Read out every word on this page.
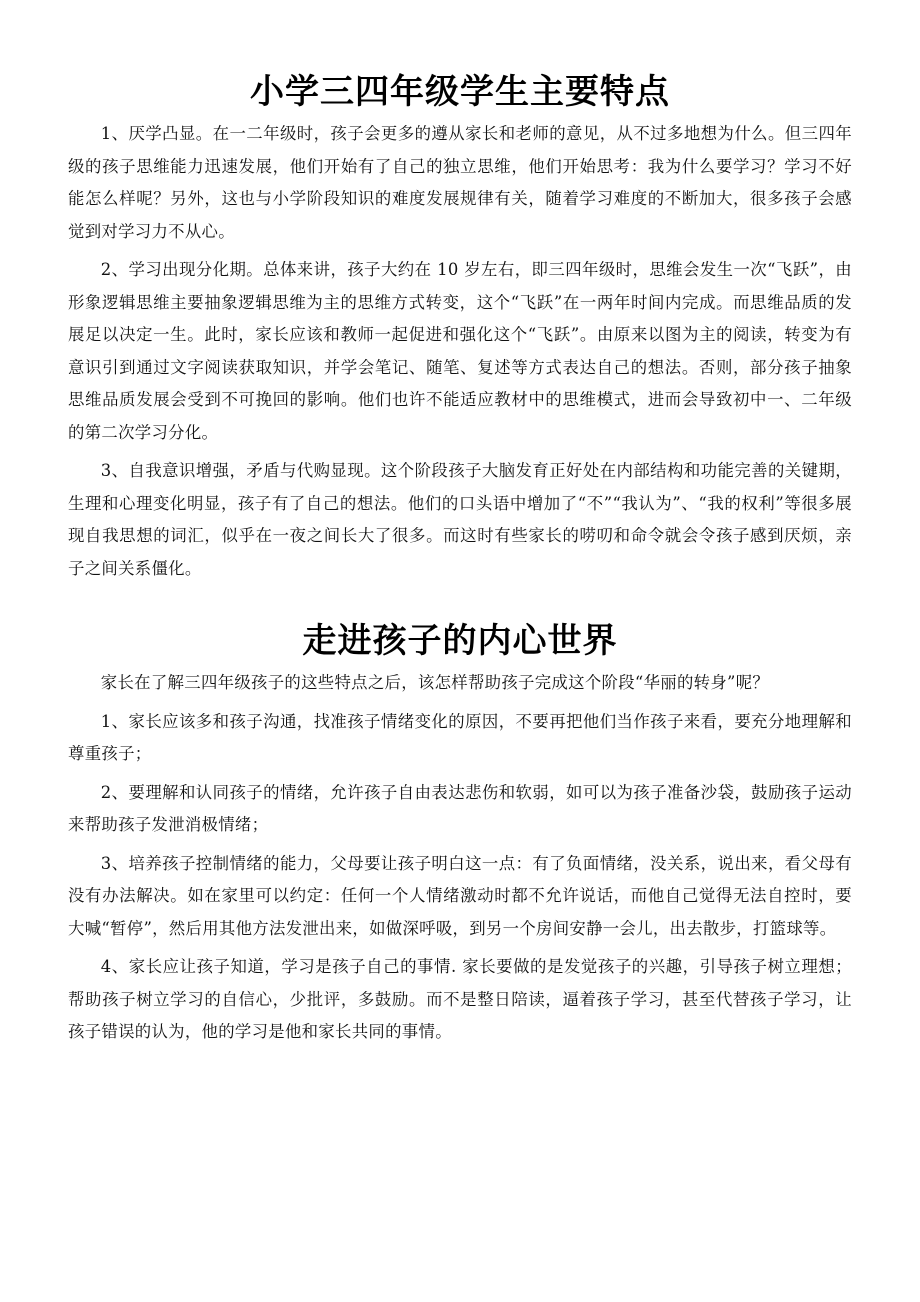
小学三四年级学生主要特点

1、厌学凸显。在一二年级时，孩子会更多的遵从家长和老师的意见，从不过多地想为什么。但三四年级的孩子思维能力迅速发展，他们开始有了自己的独立思维，他们开始思考：我为什么要学习？学习不好能怎么样呢？另外，这也与小学阶段知识的难度发展规律有关，随着学习难度的不断加大，很多孩子会感觉到对学习力不从心。

2、学习出现分化期。总体来讲，孩子大约在 10 岁左右，即三四年级时，思维会发生一次“飞跃”，由形象逻辑思维主要抽象逻辑思维为主的思维方式转变，这个“飞跃”在一两年时间内完成。而思维品质的发展足以决定一生。此时，家长应该和教师一起促进和强化这个“飞跃”。由原来以图为主的阅读，转变为有意识引到通过文字阅读获取知识，并学会笔记、随笔、复述等方式表达自己的想法。否则，部分孩子抽象思维品质发展会受到不可挽回的影响。他们也许不能适应教材中的思维模式，进而会导致初中一、二年级的第二次学习分化。

3、自我意识增强，矛盾与代购显现。这个阶段孩子大脑发育正好处在内部结构和功能完善的关键期，生理和心理变化明显，孩子有了自己的想法。他们的口头语中增加了“不”“我认为”、“我的权利”等很多展现自我思想的词汇，似乎在一夜之间长大了很多。而这时有些家长的唠叨和命令就会令孩子感到厌烦，亲子之间关系僵化。

走进孩子的内心世界

家长在了解三四年级孩子的这些特点之后，该怎样帮助孩子完成这个阶段“华丽的转身”呢？

1、家长应该多和孩子沟通，找准孩子情绪变化的原因，不要再把他们当作孩子来看，要充分地理解和尊重孩子；

2、要理解和认同孩子的情绪，允许孩子自由表达悲伤和软弱，如可以为孩子准备沙袋，鼓励孩子运动来帮助孩子发泄消极情绪；

3、培养孩子控制情绪的能力，父母要让孩子明白这一点：有了负面情绪，没关系，说出来，看父母有没有办法解决。如在家里可以约定：任何一个人情绪激动时都不允许说话，而他自己觉得无法自控时，要大喊“暂停”，然后用其他方法发泄出来，如做深呼吸，到另一个房间安静一会儿，出去散步，打篮球等。

4、家长应让孩子知道，学习是孩子自己的事情. 家长要做的是发觉孩子的兴趣，引导孩子树立理想；帮助孩子树立学习的自信心，少批评，多鼓励。而不是整日陪读，逼着孩子学习，甚至代替孩子学习，让孩子错误的认为，他的学习是他和家长共同的事情。
